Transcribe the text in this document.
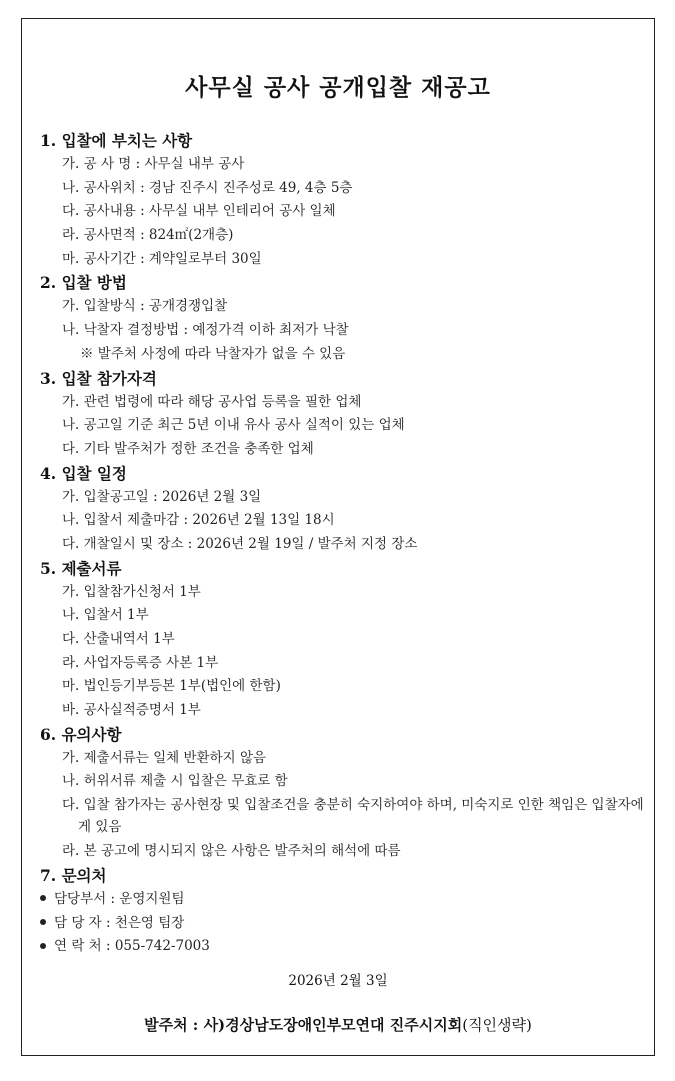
사무실 공사 공개입찰 재공고
1. 입찰에 부치는 사항
가. 공 사 명 : 사무실 내부 공사
나. 공사위치 : 경남 진주시 진주성로 49, 4층 5층
다. 공사내용 : 사무실 내부 인테리어 공사 일체
라. 공사면적 : 824㎡(2개층)
마. 공사기간 : 계약일로부터 30일
2. 입찰 방법
가. 입찰방식 : 공개경쟁입찰
나. 낙찰자 결정방법 : 예정가격 이하 최저가 낙찰
※ 발주처 사정에 따라 낙찰자가 없을 수 있음
3. 입찰 참가자격
가. 관련 법령에 따라 해당 공사업 등록을 필한 업체
나. 공고일 기준 최근 5년 이내 유사 공사 실적이 있는 업체
다. 기타 발주처가 정한 조건을 충족한 업체
4. 입찰 일정
가. 입찰공고일 : 2026년 2월 3일
나. 입찰서 제출마감 : 2026년 2월 13일 18시
다. 개찰일시 및 장소 : 2026년 2월 19일 / 발주처 지정 장소
5. 제출서류
가. 입찰참가신청서 1부
나. 입찰서 1부
다. 산출내역서 1부
라. 사업자등록증 사본 1부
마. 법인등기부등본 1부(법인에 한함)
바. 공사실적증명서 1부
6. 유의사항
가. 제출서류는 일체 반환하지 않음
나. 허위서류 제출 시 입찰은 무효로 함
다. 입찰 참가자는 공사현장 및 입찰조건을 충분히 숙지하여야 하며, 미숙지로 인한 책임은 입찰자에게 있음
라. 본 공고에 명시되지 않은 사항은 발주처의 해석에 따름
7. 문의처
담당부서 : 운영지원팀
담 당 자 : 천은영 팀장
연 락 처 : 055-742-7003
2026년 2월 3일
발주처 : 사)경상남도장애인부모연대 진주시지회(직인생략)
